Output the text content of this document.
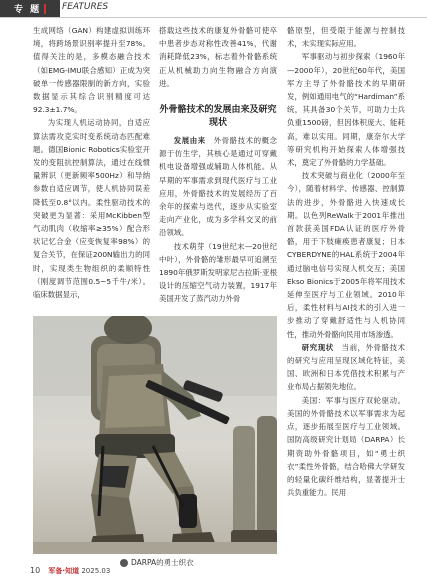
专 题 FEATURES

生成网络（GAN）构建虚拟训练环境，将跨场景识别率提升至78%。值得关注的是，多模态融合技术（如EMG-IMU联合感知）正成为突破单一传感器限制的新方向，实验数据显示其综合识别精度可达92.3±1.7%。

为实现人机运动协同，自适应算法需攻克实时变系统动态匹配难题。德国Bionic Robotics实验室开发的变阻抗控制算法，通过在线惯量辨识（更新频率500Hz）和导纳参数自适应调节，使人机协同误差降低至0.8°以内。柔性驱动技术的突破更为显著：采用McKibben型气动肌肉（收缩率≥35%）配合形状记忆合金（应变恢复率98%）的复合关节，在保证200N输出力的同时，实现类生物组织的柔顺特性（刚度调节范围0.5~5千牛/米）。临床数据显示，

搭载这些技术的康复外骨骼可使卒中患者步态对称性改善41%，代谢消耗降低23%，标志着外骨骼系统正从机械助力向生物融合方向演进。

外骨骼技术的发展由来及研究现状

发展由来　 外骨骼技术的概念源于仿生学，其核心是通过可穿戴机电设备增强或辅助人体机能。从早期的军事需求到现代医疗与工业应用，外骨骼技术的发展经历了百余年的探索与迭代，逐步从实验室走向产业化，成为多学科交叉的前沿领域。

技术萌芽（19世纪末—20世纪中叶），外骨骼的雏形最早可追溯至1890年俄罗斯发明家尼古拉斯·亚根设计的压缩空气动力装置，1917年美国开发了蒸汽动力外骨

骼原型，但受限于能源与控制技术，未实现实际应用。

军事驱动与初步探索（1960年—2000年），20世纪60年代，美国军方主导了外骨骼技术的早期研发，例如通用电气的“Hardiman”系统，其具备30个关节，可助力士兵负重1500磅，但因体积庞大、能耗高，难以实用。同期，康奈尔大学等研究机构开始探索人体增强技术，奠定了外骨骼的力学基础。

技术突破与商业化（2000年至今），随着材料学、传感器、控制算法的进步，外骨骼进入快速成长期。以色列ReWalk于2001年推出首款获美国FDA认证的医疗外骨骼，用于下肢瘫痪患者康复；日本CYBERDYNE的HAL系统于2004年通过脑电信号实现人机交互；美国Ekso Bionics于2005年将军用技术延伸至医疗与工业领域。2010年后，柔性材料与AI技术的引入进一步推动了穿戴舒适性与人机协同性，推动外骨骼向民用市场渗透。

研究现状　 当前，外骨骼技术的研究与应用呈现区域化特征，美国、欧洲和日本凭借技术积累与产业布局占据领先地位。

美国：军事与医疗双轮驱动。美国的外骨骼技术以军事需求为起点，逐步拓展至医疗与工业领域。国防高级研究计划局（DARPA）长期资助外骨骼项目，如“勇士织衣”柔性外骨骼，结合哈佛大学研发的轻量化碳纤维结构，显著提升士兵负重能力。民用

DARPA的勇士织衣
10 军备·知道 2025.03
